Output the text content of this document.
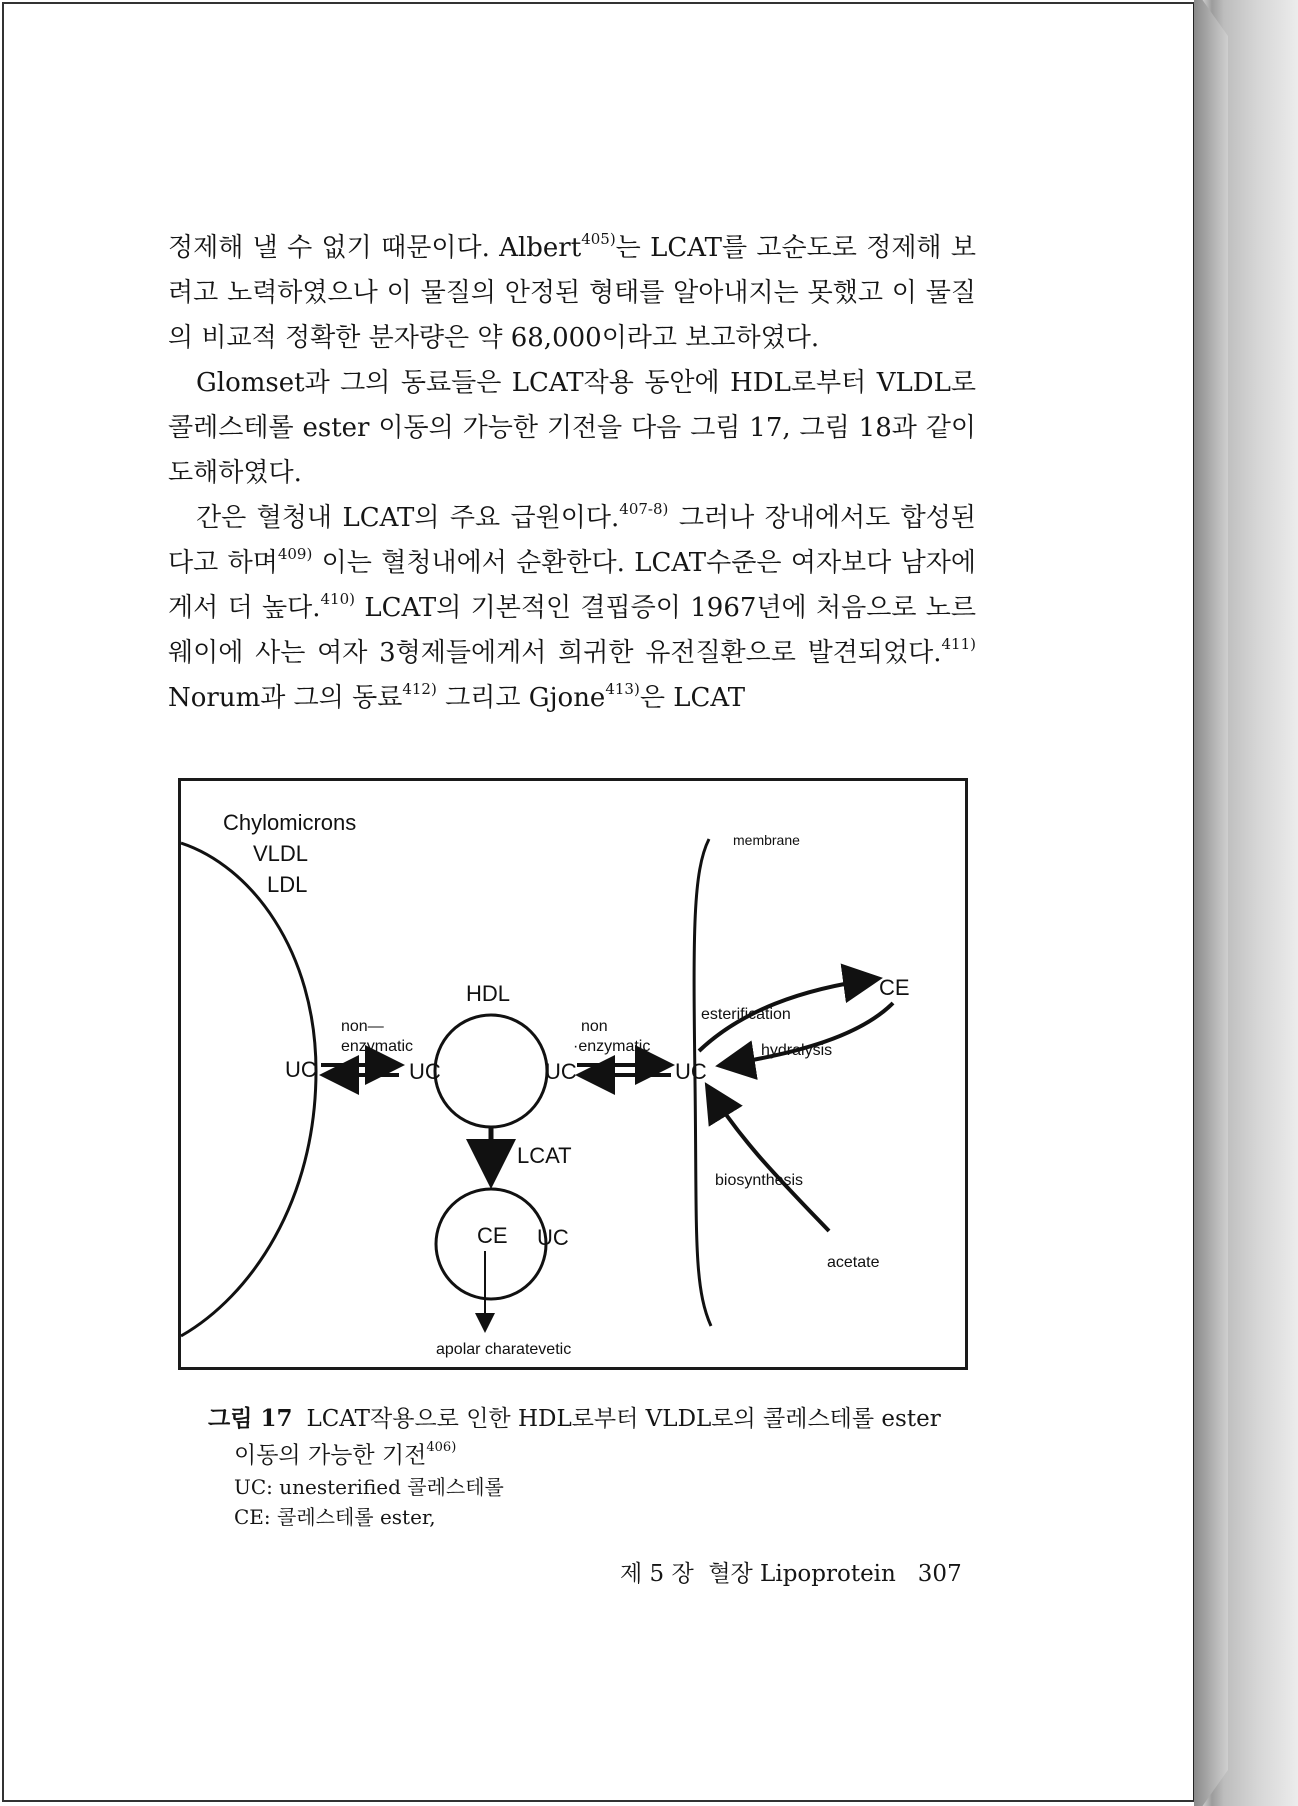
정제해 낼 수 없기 때문이다. Albert$^{405)}$는 LCAT를 고순도로 정제해 보려고 노력하였으나 이 물질의 안정된 형태를 알아내지는 못했고 이 물질의 비교적 정확한 분자량은 약 68,000이라고 보고하였다.

Glomset과 그의 동료들은 LCAT작용 동안에 HDL로부터 VLDL로 콜레스테롤 ester 이동의 가능한 기전을 다음 그림 17, 그림 18과 같이 도해하였다.

간은 혈청내 LCAT의 주요 급원이다.$^{407-8)}$ 그러나 장내에서도 합성된다고 하며$^{409)}$ 이는 혈청내에서 순환한다. LCAT수준은 여자보다 남자에게서 더 높다.$^{410)}$ LCAT의 기본적인 결핍증이 1967년에 처음으로 노르웨이에 사는 여자 3형제들에게서 희귀한 유전질환으로 발견되었다.$^{411)}$ Norum과 그의 동료$^{412)}$ 그리고 Gjone$^{413)}$은 LCAT

Chylomicrons
VLDL
LDL
membrane
UC
non—
enzymatic
HDL
UC	UC
non
·enzymatic
UC
LCAT
CE UC
apolar charatevetic
esterification
CE
hydralysis
biosynthesis
acetate
그림 17 LCAT작용으로 인한 HDL로부터 VLDL로의 콜레스테롤 ester
이동의 가능한 기전$^{406)}$
UC: unesterified 콜레스테롤
CE: 콜레스테롤 ester,
제 5 장  혈장 Lipoprotein 307
